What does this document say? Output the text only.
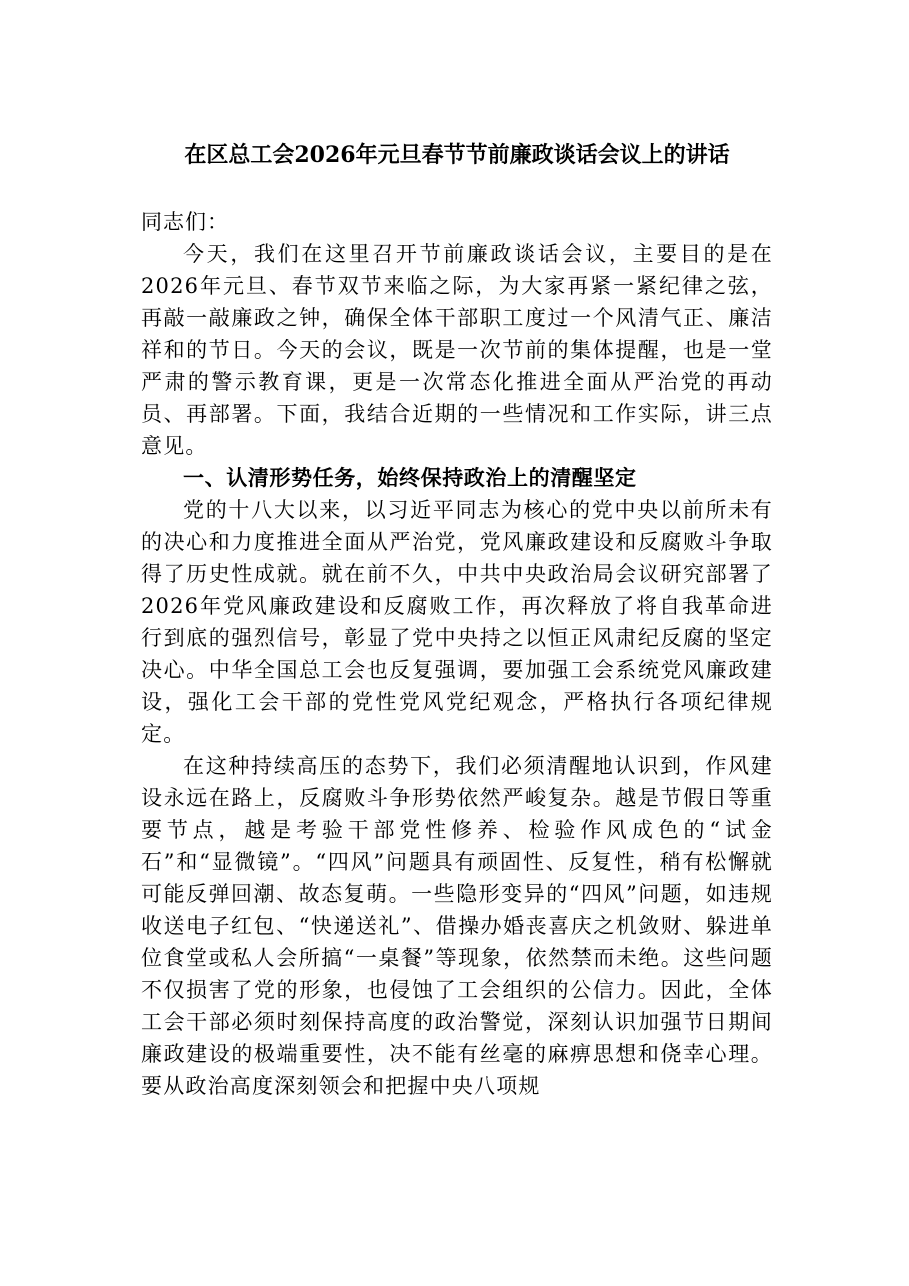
在区总工会2026年元旦春节节前廉政谈话会议上的讲话

同志们：

今天，我们在这里召开节前廉政谈话会议，主要目的是在2026年元旦、春节双节来临之际，为大家再紧一紧纪律之弦，再敲一敲廉政之钟，确保全体干部职工度过一个风清气正、廉洁祥和的节日。今天的会议，既是一次节前的集体提醒，也是一堂严肃的警示教育课，更是一次常态化推进全面从严治党的再动员、再部署。下面，我结合近期的一些情况和工作实际，讲三点意见。

一、认清形势任务，始终保持政治上的清醒坚定

党的十八大以来，以习近平同志为核心的党中央以前所未有的决心和力度推进全面从严治党，党风廉政建设和反腐败斗争取得了历史性成就。就在前不久，中共中央政治局会议研究部署了2026年党风廉政建设和反腐败工作，再次释放了将自我革命进行到底的强烈信号，彰显了党中央持之以恒正风肃纪反腐的坚定决心。中华全国总工会也反复强调，要加强工会系统党风廉政建设，强化工会干部的党性党风党纪观念，严格执行各项纪律规定。

在这种持续高压的态势下，我们必须清醒地认识到，作风建设永远在路上，反腐败斗争形势依然严峻复杂。越是节假日等重要节点，越是考验干部党性修养、检验作风成色的“试金石”和“显微镜”。“四风”问题具有顽固性、反复性，稍有松懈就可能反弹回潮、故态复萌。一些隐形变异的“四风”问题，如违规收送电子红包、“快递送礼”、借操办婚丧喜庆之机敛财、躲进单位食堂或私人会所搞“一桌餐”等现象，依然禁而未绝。这些问题不仅损害了党的形象，也侵蚀了工会组织的公信力。因此，全体工会干部必须时刻保持高度的政治警觉，深刻认识加强节日期间廉政建设的极端重要性，决不能有丝毫的麻痹思想和侥幸心理。要从政治高度深刻领会和把握中央八项规
